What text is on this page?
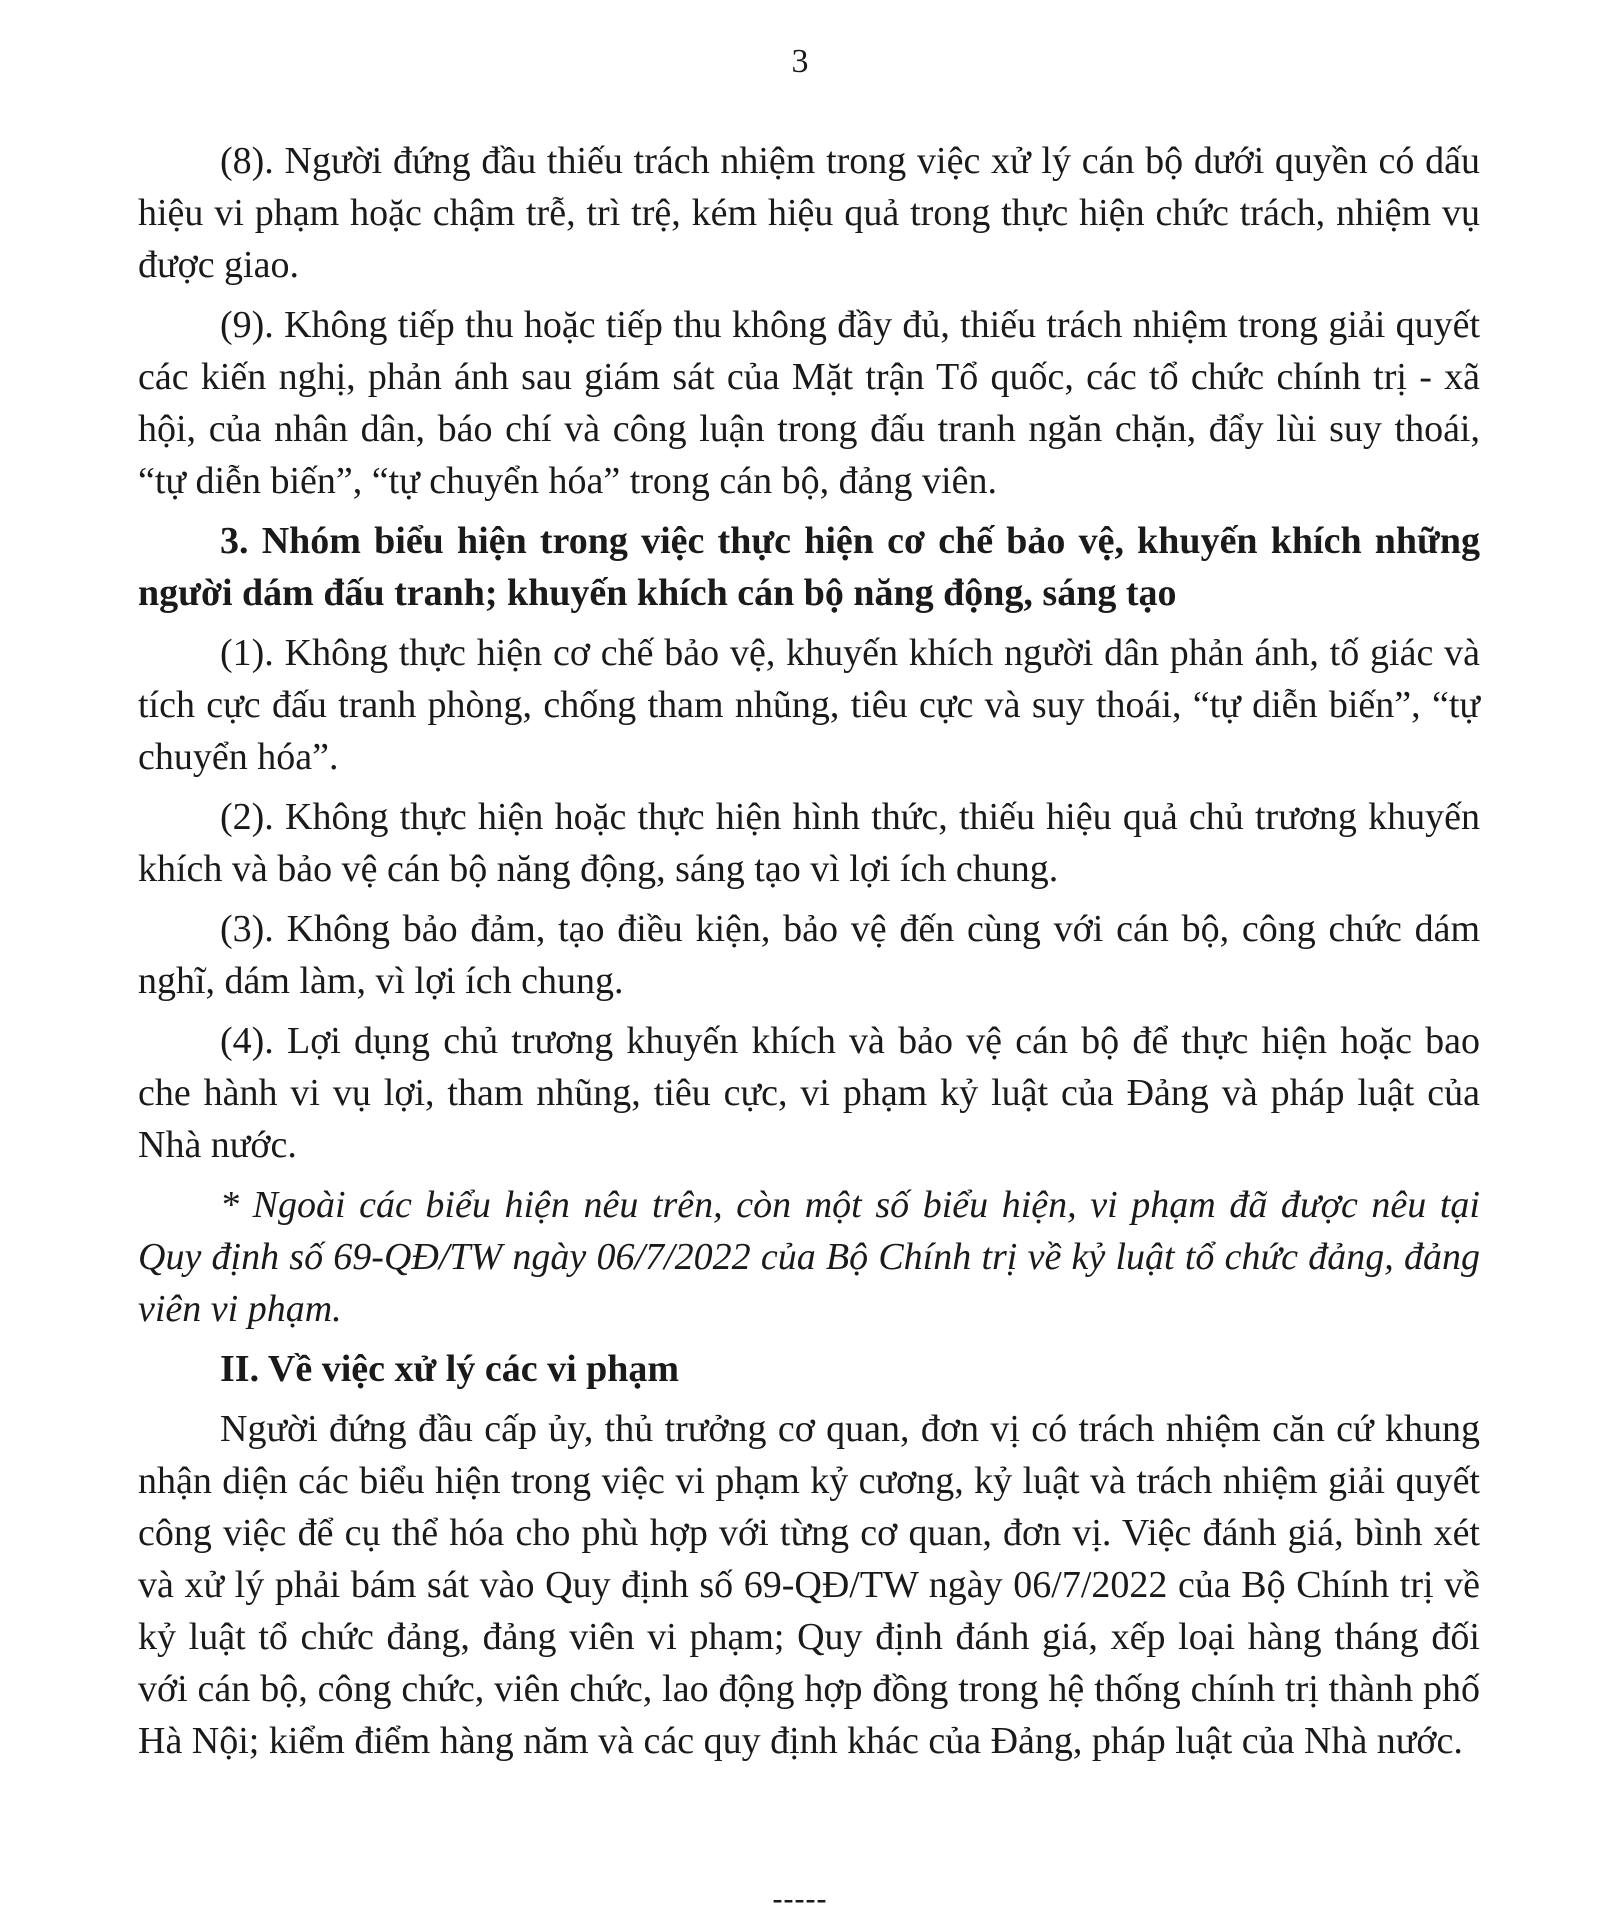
3

(8). Người đứng đầu thiếu trách nhiệm trong việc xử lý cán bộ dưới quyền có dấu hiệu vi phạm hoặc chậm trễ, trì trệ, kém hiệu quả trong thực hiện chức trách, nhiệm vụ được giao.

(9). Không tiếp thu hoặc tiếp thu không đầy đủ, thiếu trách nhiệm trong giải quyết các kiến nghị, phản ánh sau giám sát của Mặt trận Tổ quốc, các tổ chức chính trị - xã hội, của nhân dân, báo chí và công luận trong đấu tranh ngăn chặn, đẩy lùi suy thoái, “tự diễn biến”, “tự chuyển hóa” trong cán bộ, đảng viên.

3. Nhóm biểu hiện trong việc thực hiện cơ chế bảo vệ, khuyến khích những người dám đấu tranh; khuyến khích cán bộ năng động, sáng tạo

(1). Không thực hiện cơ chế bảo vệ, khuyến khích người dân phản ánh, tố giác và tích cực đấu tranh phòng, chống tham nhũng, tiêu cực và suy thoái, “tự diễn biến”, “tự chuyển hóa”.

(2). Không thực hiện hoặc thực hiện hình thức, thiếu hiệu quả chủ trương khuyến khích và bảo vệ cán bộ năng động, sáng tạo vì lợi ích chung.

(3). Không bảo đảm, tạo điều kiện, bảo vệ đến cùng với cán bộ, công chức dám nghĩ, dám làm, vì lợi ích chung.

(4). Lợi dụng chủ trương khuyến khích và bảo vệ cán bộ để thực hiện hoặc bao che hành vi vụ lợi, tham nhũng, tiêu cực, vi phạm kỷ luật của Đảng và pháp luật của Nhà nước.

* Ngoài các biểu hiện nêu trên, còn một số biểu hiện, vi phạm đã được nêu tại Quy định số 69-QĐ/TW ngày 06/7/2022 của Bộ Chính trị về kỷ luật tổ chức đảng, đảng viên vi phạm.

II. Về việc xử lý các vi phạm

Người đứng đầu cấp ủy, thủ trưởng cơ quan, đơn vị có trách nhiệm căn cứ khung nhận diện các biểu hiện trong việc vi phạm kỷ cương, kỷ luật và trách nhiệm giải quyết công việc để cụ thể hóa cho phù hợp với từng cơ quan, đơn vị. Việc đánh giá, bình xét và xử lý phải bám sát vào Quy định số 69-QĐ/TW ngày 06/7/2022 của Bộ Chính trị về kỷ luật tổ chức đảng, đảng viên vi phạm; Quy định đánh giá, xếp loại hàng tháng đối với cán bộ, công chức, viên chức, lao động hợp đồng trong hệ thống chính trị thành phố Hà Nội; kiểm điểm hàng năm và các quy định khác của Đảng, pháp luật của Nhà nước.

-----
